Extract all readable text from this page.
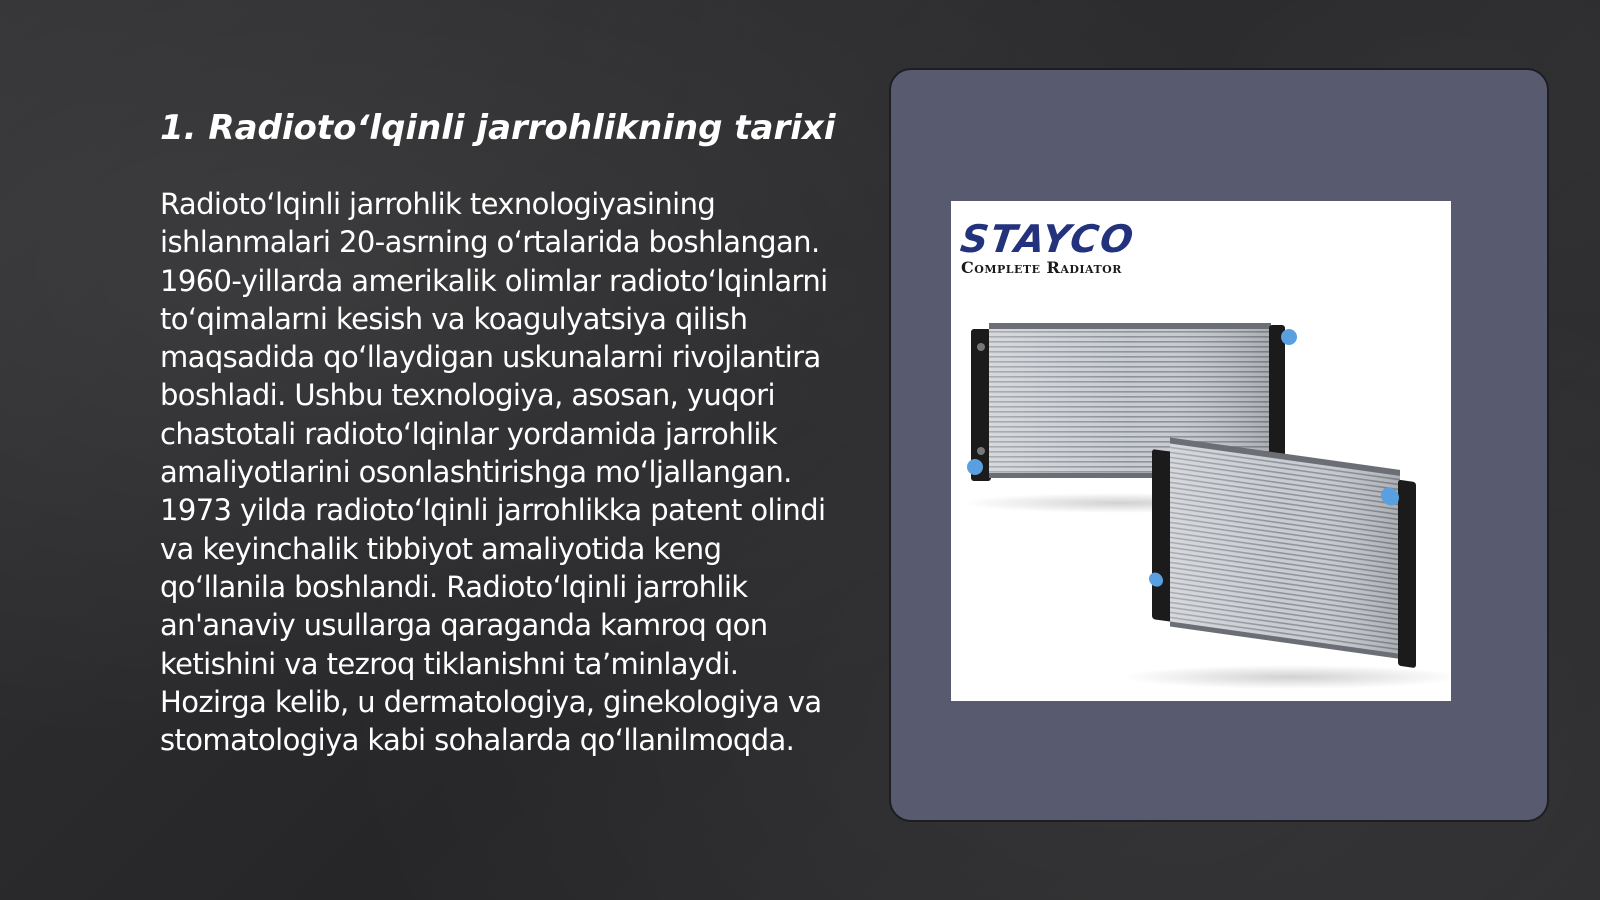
1. Radioto‘lqinli jarrohlikning tarixi

Radioto‘lqinli jarrohlik texnologiyasining ishlanmalari 20-asrning o‘rtalarida boshlangan. 1960-yillarda amerikalik olimlar radioto‘lqinlarni to‘qimalarni kesish va koagulyatsiya qilish maqsadida qo‘llaydigan uskunalarni rivojlantira boshladi. Ushbu texnologiya, asosan, yuqori chastotali radioto‘lqinlar yordamida jarrohlik amaliyotlarini osonlashtirishga mo‘ljallangan. 1973 yilda radioto‘lqinli jarrohlikka patent olindi va keyinchalik tibbiyot amaliyotida keng qo‘llanila boshlandi. Radioto‘lqinli jarrohlik an'anaviy usullarga qaraganda kamroq qon ketishini va tezroq tiklanishni ta’minlaydi. Hozirga kelib, u dermatologiya, ginekologiya va stomatologiya kabi sohalarda qo‘llanilmoqda.

STAYCO
Complete Radiator
